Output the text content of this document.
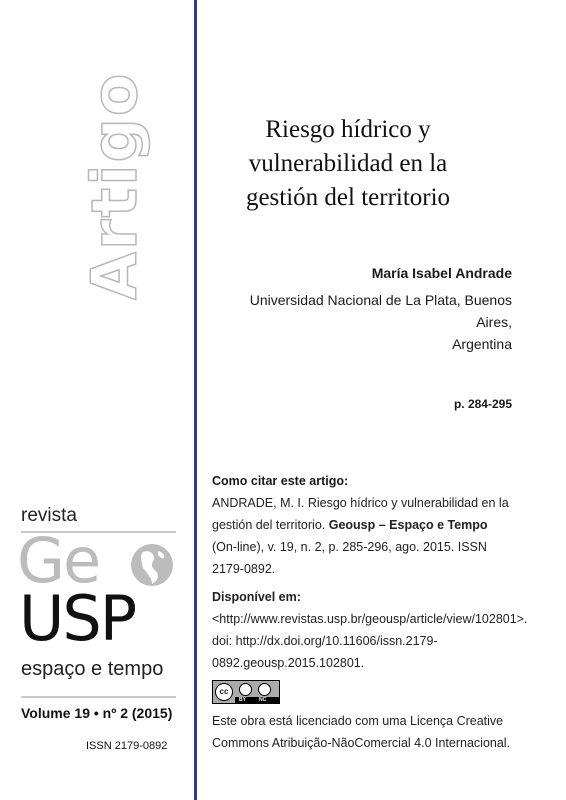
Artigo
revista
Ge
USP
espaço e tempo
Volume 19 • nº 2 (2015)
ISSN 2179-0892
Riesgo hídrico y
vulnerabilidad en la
gestión del territorio
María Isabel Andrade
Universidad Nacional de La Plata, Buenos Aires,
Argentina
p. 284-295
Como citar este artigo:
ANDRADE, M. I. Riesgo hídrico y vulnerabilidad en la gestión del territorio. Geousp – Espaço e Tempo (On-line), v. 19, n. 2, p. 285-296, ago. 2015. ISSN 2179-0892.
Disponível em: <http://www.revistas.usp.br/geousp/article/view/102801>. doi: http://dx.doi.org/10.11606/issn.2179-0892.geousp.2015.102801.
cc
BY	NC
Este obra está licenciado com uma Licença Creative Commons Atribuição-NãoComercial 4.0 Internacional.
